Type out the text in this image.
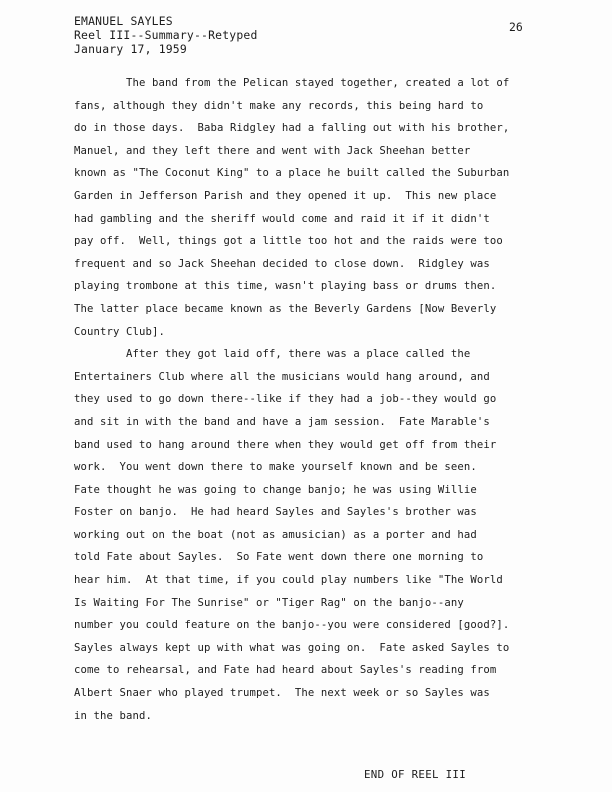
EMANUEL SAYLES
Reel III--Summary--Retyped
January 17, 1959
26
The band from the Pelican stayed together, created a lot of
fans, although they didn't make any records, this being hard to
do in those days.  Baba Ridgley had a falling out with his brother,
Manuel, and they left there and went with Jack Sheehan better
known as "The Coconut King" to a place he built called the Suburban
Garden in Jefferson Parish and they opened it up.  This new place
had gambling and the sheriff would come and raid it if it didn't
pay off.  Well, things got a little too hot and the raids were too
frequent and so Jack Sheehan decided to close down.  Ridgley was
playing trombone at this time, wasn't playing bass or drums then.
The latter place became known as the Beverly Gardens [Now Beverly
Country Club].
After they got laid off, there was a place called the
Entertainers Club where all the musicians would hang around, and
they used to go down there--like if they had a job--they would go
and sit in with the band and have a jam session.  Fate Marable's
band used to hang around there when they would get off from their
work.  You went down there to make yourself known and be seen.
Fate thought he was going to change banjo; he was using Willie
Foster on banjo.  He had heard Sayles and Sayles's brother was
working out on the boat (not as amusician) as a porter and had
told Fate about Sayles.  So Fate went down there one morning to
hear him.  At that time, if you could play numbers like "The World
Is Waiting For The Sunrise" or "Tiger Rag" on the banjo--any
number you could feature on the banjo--you were considered [good?].
Sayles always kept up with what was going on.  Fate asked Sayles to
come to rehearsal, and Fate had heard about Sayles's reading from
Albert Snaer who played trumpet.  The next week or so Sayles was
in the band.
END OF REEL III
